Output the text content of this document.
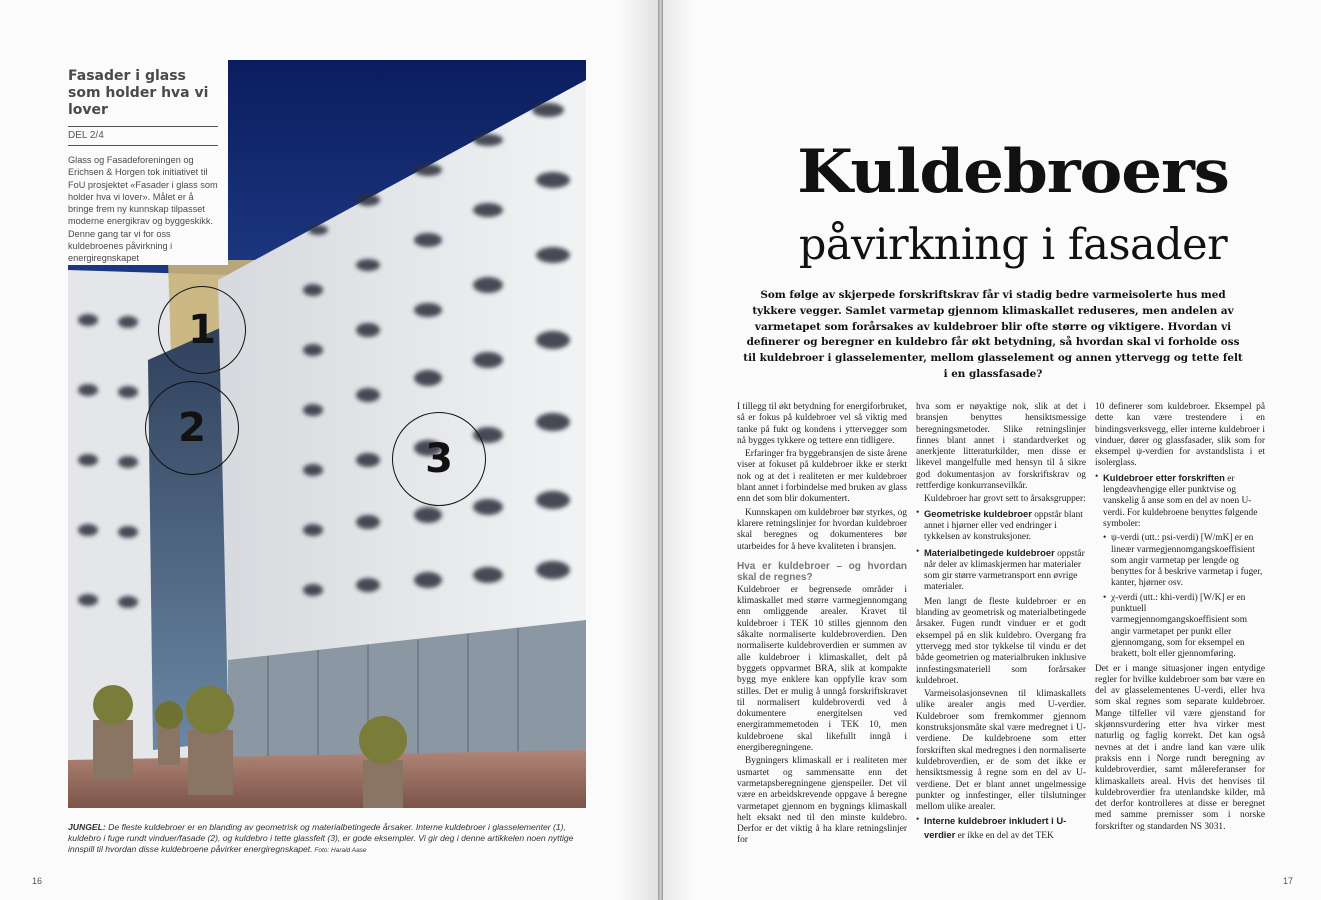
Fasader i glass som holder hva vi lover
DEL 2/4

Glass og Fasadeforeningen og Erichsen & Horgen tok initiativet til FoU prosjektet «Fasader i glass som holder hva vi lover». Målet er å bringe frem ny kunnskap tilpasset moderne energikrav og byggeskikk. Denne gang tar vi for oss kuldebroenes påvirkning i energiregnskapet

1
2
3
JUNGEL: De fleste kuldebroer er en blanding av geometrisk og materialbetingede årsaker. Interne kuldebroer i glasselementer (1), kuldebro i fuge rundt vinduer/fasade (2), og kuldebro i tette glassfelt (3), er gode eksempler. Vi gir deg i denne artikkelen noen nyttige innspill til hvordan disse kuldebroene påvirker energiregnskapet. Foto: Harald Aase
16
Kuldebroers
påvirkning i fasader
Som følge av skjerpede forskriftskrav får vi stadig bedre varmeisolerte hus med tykkere vegger. Samlet varmetap gjennom klimaskallet reduseres, men andelen av varmetapet som forårsakes av kuldebroer blir ofte større og viktigere. Hvordan vi definerer og beregner en kuldebro får økt betydning, så hvordan skal vi forholde oss til kuldebroer i glasselementer, mellom glasselement og annen yttervegg og tette felt i en glassfasade?

I tillegg til økt betydning for energiforbruket, så er fokus på kuldebroer vel så viktig med tanke på fukt og kondens i yttervegger som nå bygges tykkere og tettere enn tidligere.

Erfaringer fra byggebransjen de siste årene viser at fokuset på kuldebroer ikke er sterkt nok og at det i realiteten er mer kuldebroer blant annet i forbindelse med bruken av glass enn det som blir dokumentert.

Kunnskapen om kuldebroer bør styrkes, og klarere retningslinjer for hvordan kuldebroer skal beregnes og dokumenteres bør utarbeides for å heve kvaliteten i bransjen.

Hva er kuldebroer – og hvordan skal de regnes?

Kuldebroer er begrensede områder i klimaskallet med større varmegjennomgang enn omliggende arealer. Kravet til kuldebroer i TEK 10 stilles gjennom den såkalte normaliserte kuldebroverdien. Den normaliserte kuldebroverdien er summen av alle kuldebroer i klimaskallet, delt på byggets oppvarmet BRA, slik at kompakte bygg mye enklere kan oppfylle krav som stilles. Det er mulig å unngå forskriftskravet til normalisert kuldebroverdi ved å dokumentere energitelsen ved energirammemetoden i TEK 10, men kuldebroene skal likefullt inngå i energiberegningene.

Bygningers klimaskall er i realiteten mer usmartet og sammensatte enn det varmetapsberegningene gjenspeiler. Det vil være en arbeidskrevende oppgave å beregne varmetapet gjennom en bygnings klimaskall helt eksakt ned til den minste kuldebro. Derfor er det viktig å ha klare retningslinjer for

hva som er nøyaktige nok, slik at det i bransjen benyttes hensiktsmessige beregningsmetoder. Slike retningslinjer finnes blant annet i standardverket og anerkjente litteraturkilder, men disse er likevel mangelfulle med hensyn til å sikre god dokumentasjon av forskriftskrav og rettferdige konkurransevilkår.

Kuldebroer har grovt sett to årsaksgrupper:

• Geometriske kuldebroer oppstår blant annet i hjørner eller ved endringer i tykkelsen av konstruksjoner.
• Materialbetingede kuldebroer oppstår når deler av klimaskjermen har materialer som gir større varmetransport enn øvrige materialer.

Men langt de fleste kuldebroer er en blanding av geometrisk og materialbetingede årsaker. Fugen rundt vinduer er et godt eksempel på en slik kuldebro. Overgang fra yttervegg med stor tykkelse til vindu er det både geometrien og materialbruken inklusive innfestingsmateriell som forårsaker kuldebroet.

Varmeisolasjonsevnen til klimaskallets ulike arealer angis med U-verdier. Kuldebroer som fremkommer gjennom konstruksjonsmåte skal være medregnet i U-verdiene. De kuldebroene som etter forskriften skal medregnes i den normaliserte kuldebroverdien, er de som det ikke er hensiktsmessig å regne som en del av U-verdiene. Det er blant annet ungelmessige punkter og innfestinger, eller tilslutninger mellom ulike arealer.

• Interne kuldebroer inkludert i U-verdier er ikke en del av det TEK

10 definerer som kuldebroer. Eksempel på dette kan være trestendere i en bindingsverksvegg, eller interne kuldebroer i vinduer, dører og glassfasader, slik som for eksempel ψ-verdien for avstandslista i et isolerglass.

• Kuldebroer etter forskriften er lengdeavhengige eller punktvise og vanskelig å anse som en del av noen U-verdi. For kuldebroene benyttes følgende symboler:
• ψ-verdi (utt.: psi-verdi) [W/mK] er en lineær varmegjennomgangskoeffisient som angir varmetap per lengde og benyttes for å beskrive varmetap i fuger, kanter, hjørner osv.
• χ-verdi (utt.: khi-verdi) [W/K] er en punktuell varmegjennomgangskoeffisient som angir varmetapet per punkt eller gjennomgang, som for eksempel en brakett, bolt eller gjennomføring.

Det er i mange situasjoner ingen entydige regler for hvilke kuldebroer som bør være en del av glasselementenes U-verdi, eller hva som skal regnes som separate kuldebroer. Mange tilfeller vil være gjenstand for skjønnsvurdering etter hva virker mest naturlig og faglig korrekt. Det kan også nevnes at det i andre land kan være ulik praksis enn i Norge rundt beregning av kuldebroverdier, samt målereferanser for klimaskallets areal. Hvis det henvises til kuldebroverdier fra utenlandske kilder, må det derfor kontrolleres at disse er beregnet med samme premisser som i norske forskrifter og standarden NS 3031.

17
